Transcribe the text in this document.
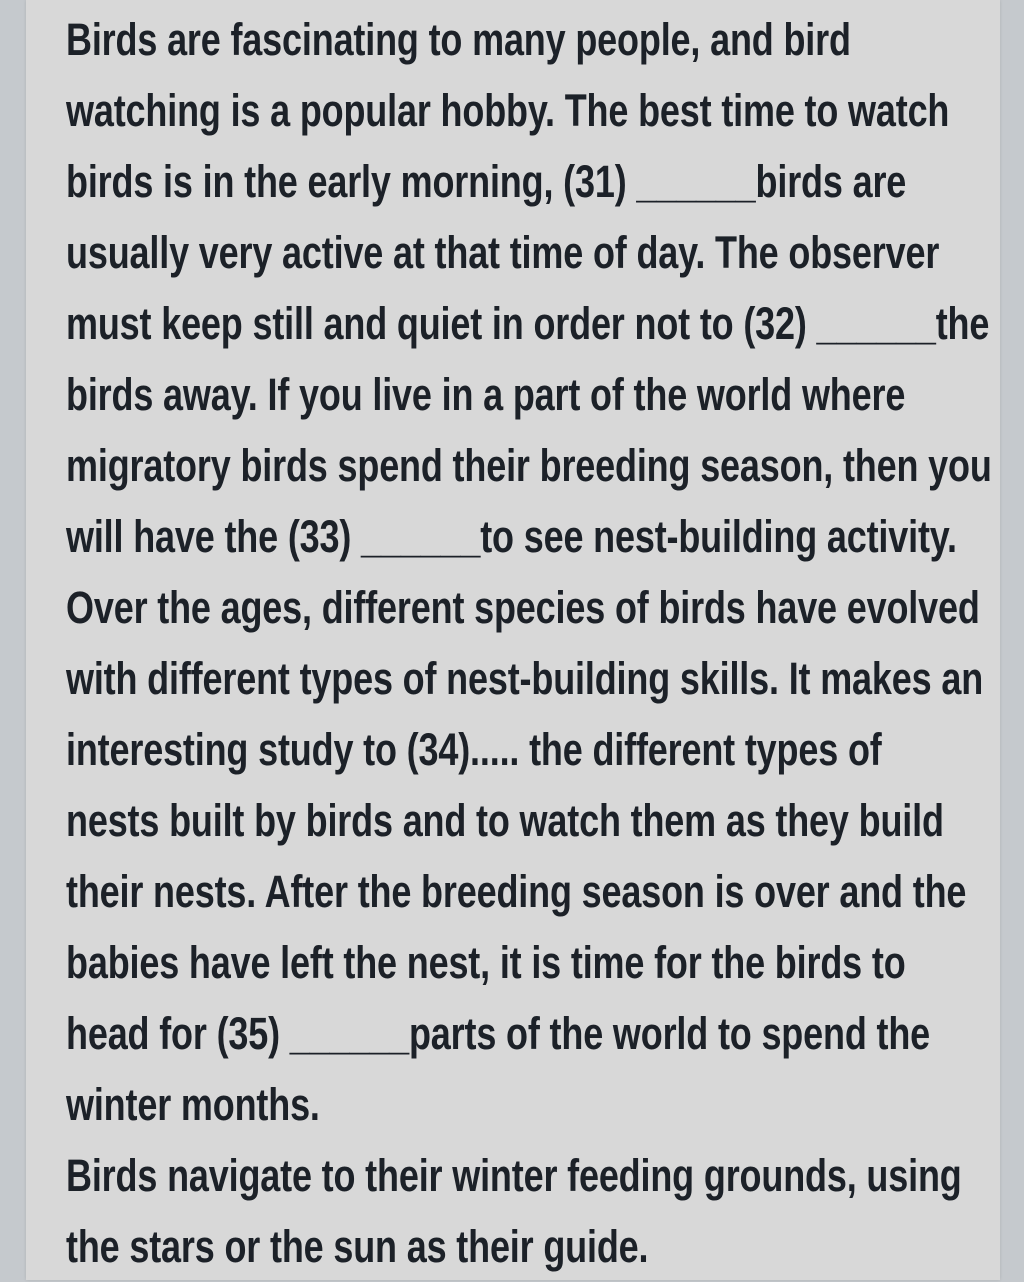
Birds are fascinating to many people, and bird
watching is a popular hobby. The best time to watch
birds is in the early morning, (31) ______birds are
usually very active at that time of day. The observer
must keep still and quiet in order not to (32) ______the
birds away. If you live in a part of the world where
migratory birds spend their breeding season, then you
will have the (33) ______to see nest-building activity.
Over the ages, different species of birds have evolved
with different types of nest-building skills. It makes an
interesting study to (34)..... the different types of
nests built by birds and to watch them as they build
their nests. After the breeding season is over and the
babies have left the nest, it is time for the birds to
head for (35) ______parts of the world to spend the
winter months.
Birds navigate to their winter feeding grounds, using
the stars or the sun as their guide.
